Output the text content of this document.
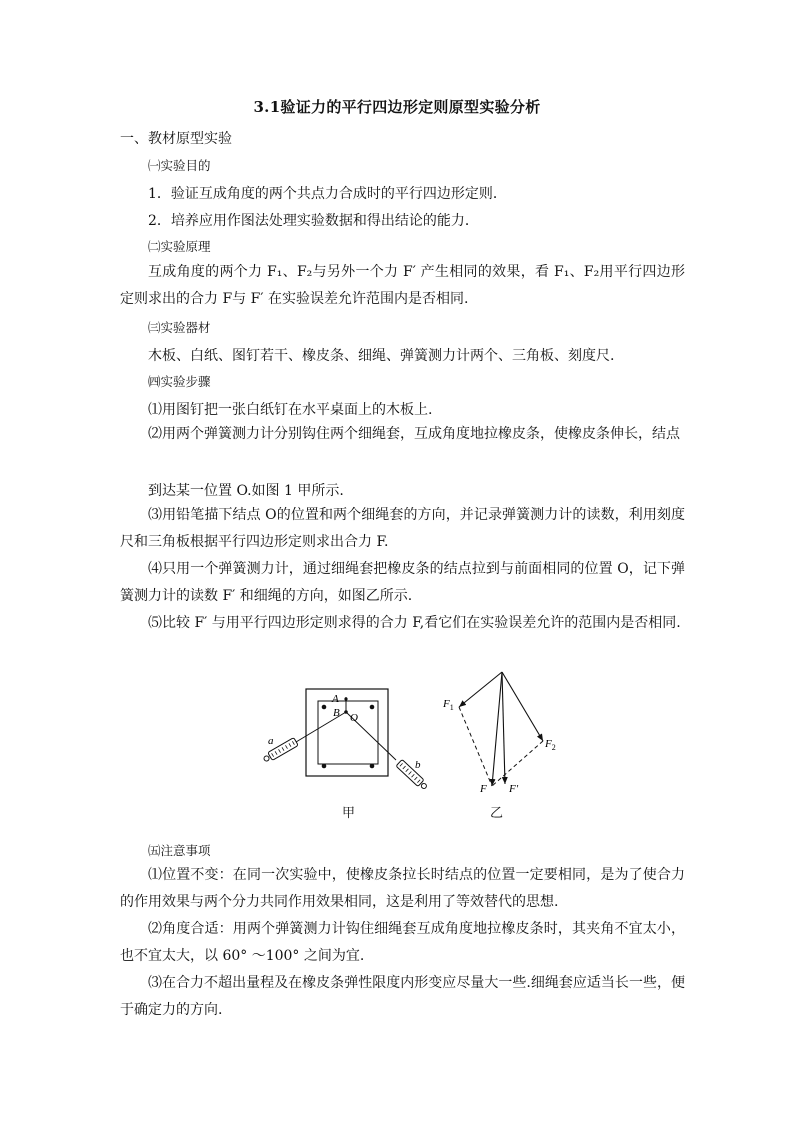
3.1验证力的平行四边形定则原型实验分析
一、教材原型实验
㈠实验目的
1．验证互成角度的两个共点力合成时的平行四边形定则．
2．培养应用作图法处理实验数据和得出结论的能力．
㈡实验原理
互成角度的两个力 F₁、F₂与另外一个力 F′ 产生相同的效果，看 F₁、F₂用平行四边形定则求出的合力 F与 F′ 在实验误差允许范围内是否相同.
㈢实验器材
木板、白纸、图钉若干、橡皮条、细绳、弹簧测力计两个、三角板、刻度尺.
㈣实验步骤
⑴用图钉把一张白纸钉在水平桌面上的木板上.
⑵用两个弹簧测力计分别钩住两个细绳套，互成角度地拉橡皮条，使橡皮条伸长，结点
到达某一位置 O.如图 1 甲所示.
⑶用铅笔描下结点 O的位置和两个细绳套的方向，并记录弹簧测力计的读数，利用刻度尺和三角板根据平行四边形定则求出合力 F.
⑷只用一个弹簧测力计，通过细绳套把橡皮条的结点拉到与前面相同的位置 O，记下弹簧测力计的读数 F′ 和细绳的方向，如图乙所示.
⑸比较 F′ 与用平行四边形定则求得的合力 F,看它们在实验误差允许的范围内是否相同.
A
B O
a
b
$F_1$
$F_2$
F F′
甲	乙
㈤注意事项
⑴位置不变：在同一次实验中，使橡皮条拉长时结点的位置一定要相同，是为了使合力的作用效果与两个分力共同作用效果相同，这是利用了等效替代的思想.
⑵角度合适：用两个弹簧测力计钩住细绳套互成角度地拉橡皮条时，其夹角不宜太小，也不宜太大，以 60° ～100° 之间为宜.
⑶在合力不超出量程及在橡皮条弹性限度内形变应尽量大一些.细绳套应适当长一些，便于确定力的方向.
